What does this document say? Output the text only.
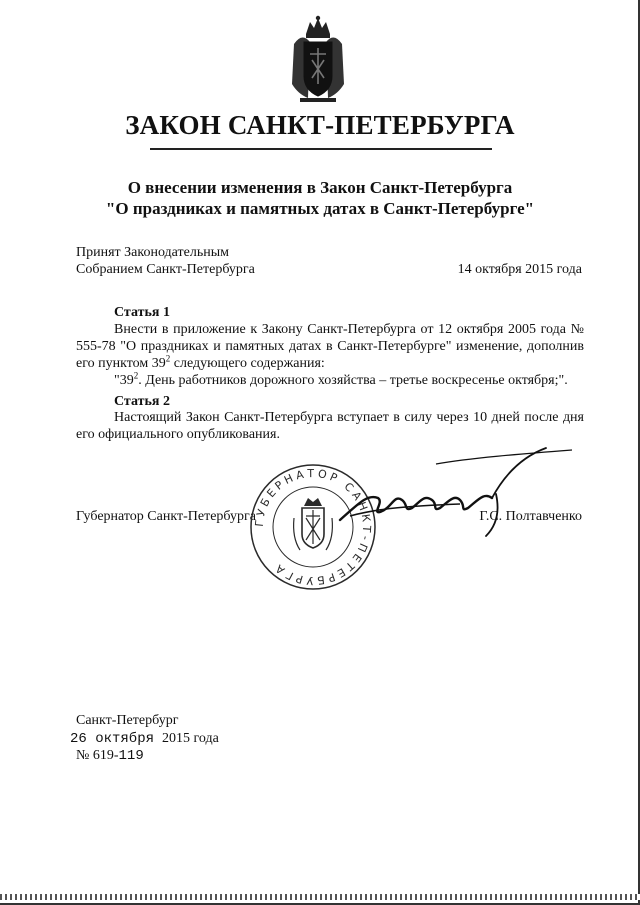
ЗАКОН САНКТ-ПЕТЕРБУРГА
О внесении изменения в Закон Санкт-Петербурга
"О праздниках и памятных датах в Санкт-Петербурге"
Принят Законодательным
Собранием Санкт-Петербурга	14 октября 2015 года
Статья 1
Внести в приложение к Закону Санкт-Петербурга от 12 октября 2005 года № 555-78 "О праздниках и памятных датах в Санкт-Петербурге" изменение, дополнив его пунктом $39^2$ следующего содержания:
"$39^2$. День работников дорожного хозяйства – третье воскресенье октября;".
Статья 2
Настоящий Закон Санкт-Петербурга вступает в силу через 10 дней после дня его официального опубликования.
Губернатор Санкт-Петербурга	Г.С. Полтавченко
ГУБЕРНАТОР САНКТ-ПЕТЕРБУРГА
Санкт-Петербург
26 октября 2015 года
№ 619-119
